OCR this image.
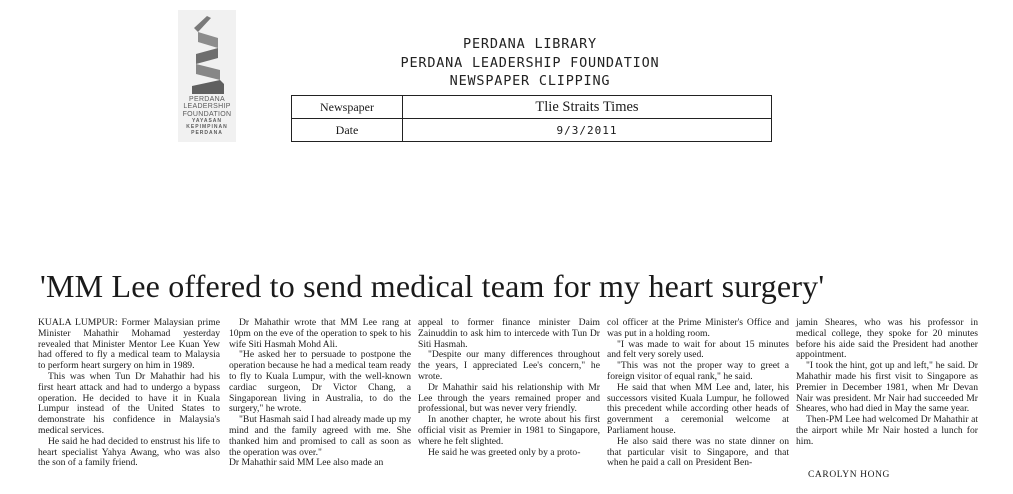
PERDANA
LEADERSHIP
FOUNDATION
YAYASAN
KEPIMPINAN
PERDANA
PERDANA LIBRARY
PERDANA LEADERSHIP FOUNDATION
NEWSPAPER CLIPPING
Newspaper	Tlie Straits Times
Date	9/3/2011
'MM Lee offered to send medical team for my heart surgery'

KUALA LUMPUR: Former Malaysian prime Minister Mahathir Mohamad yesterday revealed that Minister Mentor Lee Kuan Yew had offered to fly a medical team to Malaysia to perform heart surgery on him in 1989.

This was when Tun Dr Mahathir had his first heart attack and had to undergo a bypass operation. He decided to have it in Kuala Lumpur instead of the United States to demonstrate his confidence in Malaysia's medical services.

He said he had decided to enstrust his life to heart specialist Yahya Awang, who was also the son of a family friend.

Dr Mahathir wrote that MM Lee rang at 10pm on the eve of the operation to spek to his wife Siti Hasmah Mohd Ali.

"He asked her to persuade to postpone the operation because he had a medical team ready to fly to Kuala Lumpur, with the well-known cardiac surgeon, Dr Victor Chang, a Singaporean living in Australia, to do the surgery," he wrote.

"But Hasmah said I had already made up my mind and the family agreed with me. She thanked him and promised to call as soon as the operation was over."

Dr Mahathir said MM Lee also made an

appeal to former finance minister Daim Zainuddin to ask him to intercede with Tun Dr Siti Hasmah.

"Despite our many differences throughout the years, I appreciated Lee's concern," he wrote.

Dr Mahathir said his relationship with Mr Lee through the years remained proper and professional, but was never very friendly.

In another chapter, he wrote about his first official visit as Premier in 1981 to Singapore, where he felt slighted.

He said he was greeted only by a proto-

col officer at the Prime Minister's Office and was put in a holding room.

"I was made to wait for about 15 minutes and felt very sorely used.

"This was not the proper way to greet a foreign visitor of equal rank," he said.

He said that when MM Lee and, later, his successors visited Kuala Lumpur, he followed this precedent while according other heads of government a ceremonial welcome at Parliament house.

He also said there was no state dinner on that particular visit to Singapore, and that when he paid a call on President Ben-

jamin Sheares, who was his professor in medical college, they spoke for 20 minutes before his aide said the President had another appointment.

"I took the hint, got up and left," he said. Dr Mahathir made his first visit to Singapore as Premier in December 1981, when Mr Devan Nair was president. Mr Nair had succeeded Mr Sheares, who had died in May the same year.

Then-PM Lee had welcomed Dr Mahathir at the airport while Mr Nair hosted a lunch for him.

CAROLYN HONG
